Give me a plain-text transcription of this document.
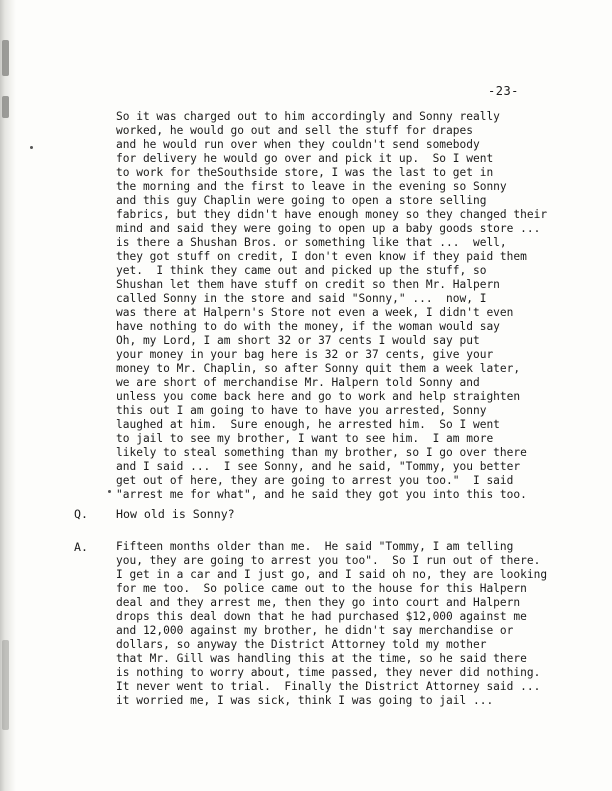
-23-
So it was charged out to him accordingly and Sonny really
worked, he would go out and sell the stuff for drapes
and he would run over when they couldn't send somebody
for delivery he would go over and pick it up.  So I went
to work for theSouthside store, I was the last to get in
the morning and the first to leave in the evening so Sonny
and this guy Chaplin were going to open a store selling
fabrics, but they didn't have enough money so they changed their
mind and said they were going to open up a baby goods store ...
is there a Shushan Bros. or something like that ...  well,
they got stuff on credit, I don't even know if they paid them
yet.  I think they came out and picked up the stuff, so
Shushan let them have stuff on credit so then Mr. Halpern
called Sonny in the store and said "Sonny," ...  now, I
was there at Halpern's Store not even a week, I didn't even
have nothing to do with the money, if the woman would say
Oh, my Lord, I am short 32 or 37 cents I would say put
your money in your bag here is 32 or 37 cents, give your
money to Mr. Chaplin, so after Sonny quit them a week later,
we are short of merchandise Mr. Halpern told Sonny and
unless you come back here and go to work and help straighten
this out I am going to have to have you arrested, Sonny
laughed at him.  Sure enough, he arrested him.  So I went
to jail to see my brother, I want to see him.  I am more
likely to steal something than my brother, so I go over there
and I said ...  I see Sonny, and he said, "Tommy, you better
get out of here, they are going to arrest you too."  I said
"arrest me for what", and he said they got you into this too.
Q. How old is Sonny?
A.	Fifteen months older than me.  He said "Tommy, I am telling
you, they are going to arrest you too".  So I run out of there.
I get in a car and I just go, and I said oh no, they are looking
for me too.  So police came out to the house for this Halpern
deal and they arrest me, then they go into court and Halpern
drops this deal down that he had purchased $12,000 against me
and 12,000 against my brother, he didn't say merchandise or
dollars, so anyway the District Attorney told my mother
that Mr. Gill was handling this at the time, so he said there
is nothing to worry about, time passed, they never did nothing.
It never went to trial.  Finally the District Attorney said ...
it worried me, I was sick, think I was going to jail ...
